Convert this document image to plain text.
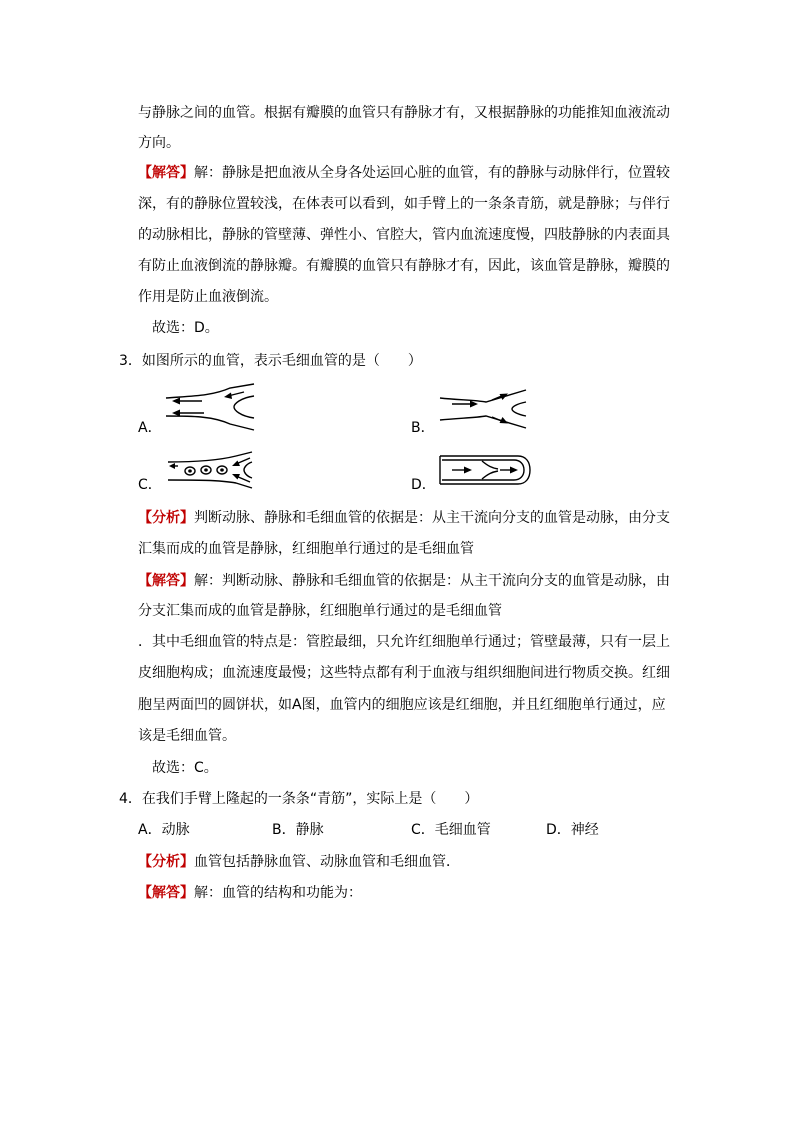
与静脉之间的血管。根据有瓣膜的血管只有静脉才有，又根据静脉的功能推知血液流动
方向。
【解答】解：静脉是把血液从全身各处运回心脏的血管，有的静脉与动脉伴行，位置较
深，有的静脉位置较浅，在体表可以看到，如手臂上的一条条青筋，就是静脉；与伴行
的动脉相比，静脉的管壁薄、弹性小、官腔大，管内血流速度慢，四肢静脉的内表面具
有防止血液倒流的静脉瓣。有瓣膜的血管只有静脉才有，因此，该血管是静脉，瓣膜的
作用是防止血液倒流。
故选：D。
3．如图所示的血管，表示毛细血管的是（　　）
A．	B．
C．	D．
【分析】判断动脉、静脉和毛细血管的依据是：从主干流向分支的血管是动脉，由分支
汇集而成的血管是静脉，红细胞单行通过的是毛细血管
【解答】解：判断动脉、静脉和毛细血管的依据是：从主干流向分支的血管是动脉，由
分支汇集而成的血管是静脉，红细胞单行通过的是毛细血管
．其中毛细血管的特点是：管腔最细，只允许红细胞单行通过；管壁最薄，只有一层上
皮细胞构成；血流速度最慢；这些特点都有利于血液与组织细胞间进行物质交换。红细
胞呈两面凹的圆饼状，如A图，血管内的细胞应该是红细胞，并且红细胞单行通过，应
该是毛细血管。
故选：C。
4．在我们手臂上隆起的一条条“青筋”，实际上是（　　）
A．动脉	B．静脉	C．毛细血管	D．神经
【分析】血管包括静脉血管、动脉血管和毛细血管．
【解答】解：血管的结构和功能为：
